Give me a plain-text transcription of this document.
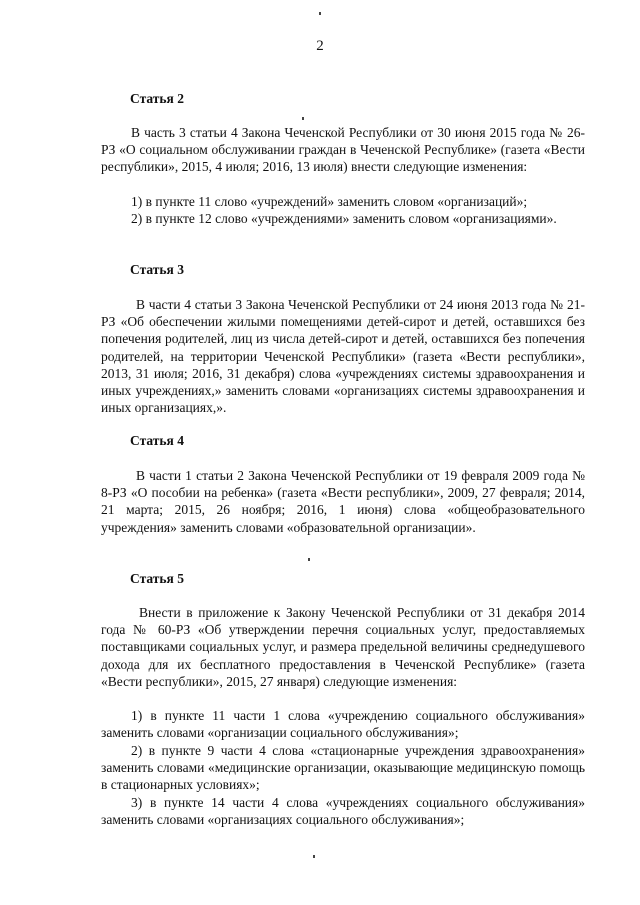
2
Статья 2

В часть 3 статьи 4 Закона Чеченской Республики от 30 июня 2015 года № 26-РЗ «О социальном обслуживании граждан в Чеченской Республике» (газета «Вести республики», 2015, 4 июля; 2016, 13 июля) внести следующие изменения:

1) в пункте 11 слово «учреждений» заменить словом «организаций»;

2) в пункте 12 слово «учреждениями» заменить словом «организациями».

Статья 3

В части 4 статьи 3 Закона Чеченской Республики от 24 июня 2013 года № 21-РЗ «Об обеспечении жилыми помещениями детей-сирот и детей, оставшихся без попечения родителей, лиц из числа детей-сирот и детей, оставшихся без попечения родителей, на территории Чеченской Республики» (газета «Вести республики», 2013, 31 июля; 2016, 31 декабря) слова «учреждениях системы здравоохранения и иных учреждениях,» заменить словами «организациях системы здравоохранения и иных организациях,».

Статья 4

В части 1 статьи 2 Закона Чеченской Республики от 19 февраля 2009 года № 8-РЗ «О пособии на ребенка» (газета «Вести республики», 2009, 27 февраля; 2014, 21 марта; 2015, 26 ноября; 2016, 1 июня) слова «общеобразовательного учреждения» заменить словами «образовательной организации».

Статья 5

Внести в приложение к Закону Чеченской Республики от 31 декабря 2014 года № 60-РЗ «Об утверждении перечня социальных услуг, предоставляемых поставщиками социальных услуг, и размера предельной величины среднедушевого дохода для их бесплатного предоставления в Чеченской Республике» (газета «Вести республики», 2015, 27 января) следующие изменения:

1) в пункте 11 части 1 слова «учреждению социального обслуживания» заменить словами «организации социального обслуживания»;

2) в пункте 9 части 4 слова «стационарные учреждения здравоохранения» заменить словами «медицинские организации, оказывающие медицинскую помощь в стационарных условиях»;

3) в пункте 14 части 4 слова «учреждениях социального обслуживания» заменить словами «организациях социального обслуживания»;
